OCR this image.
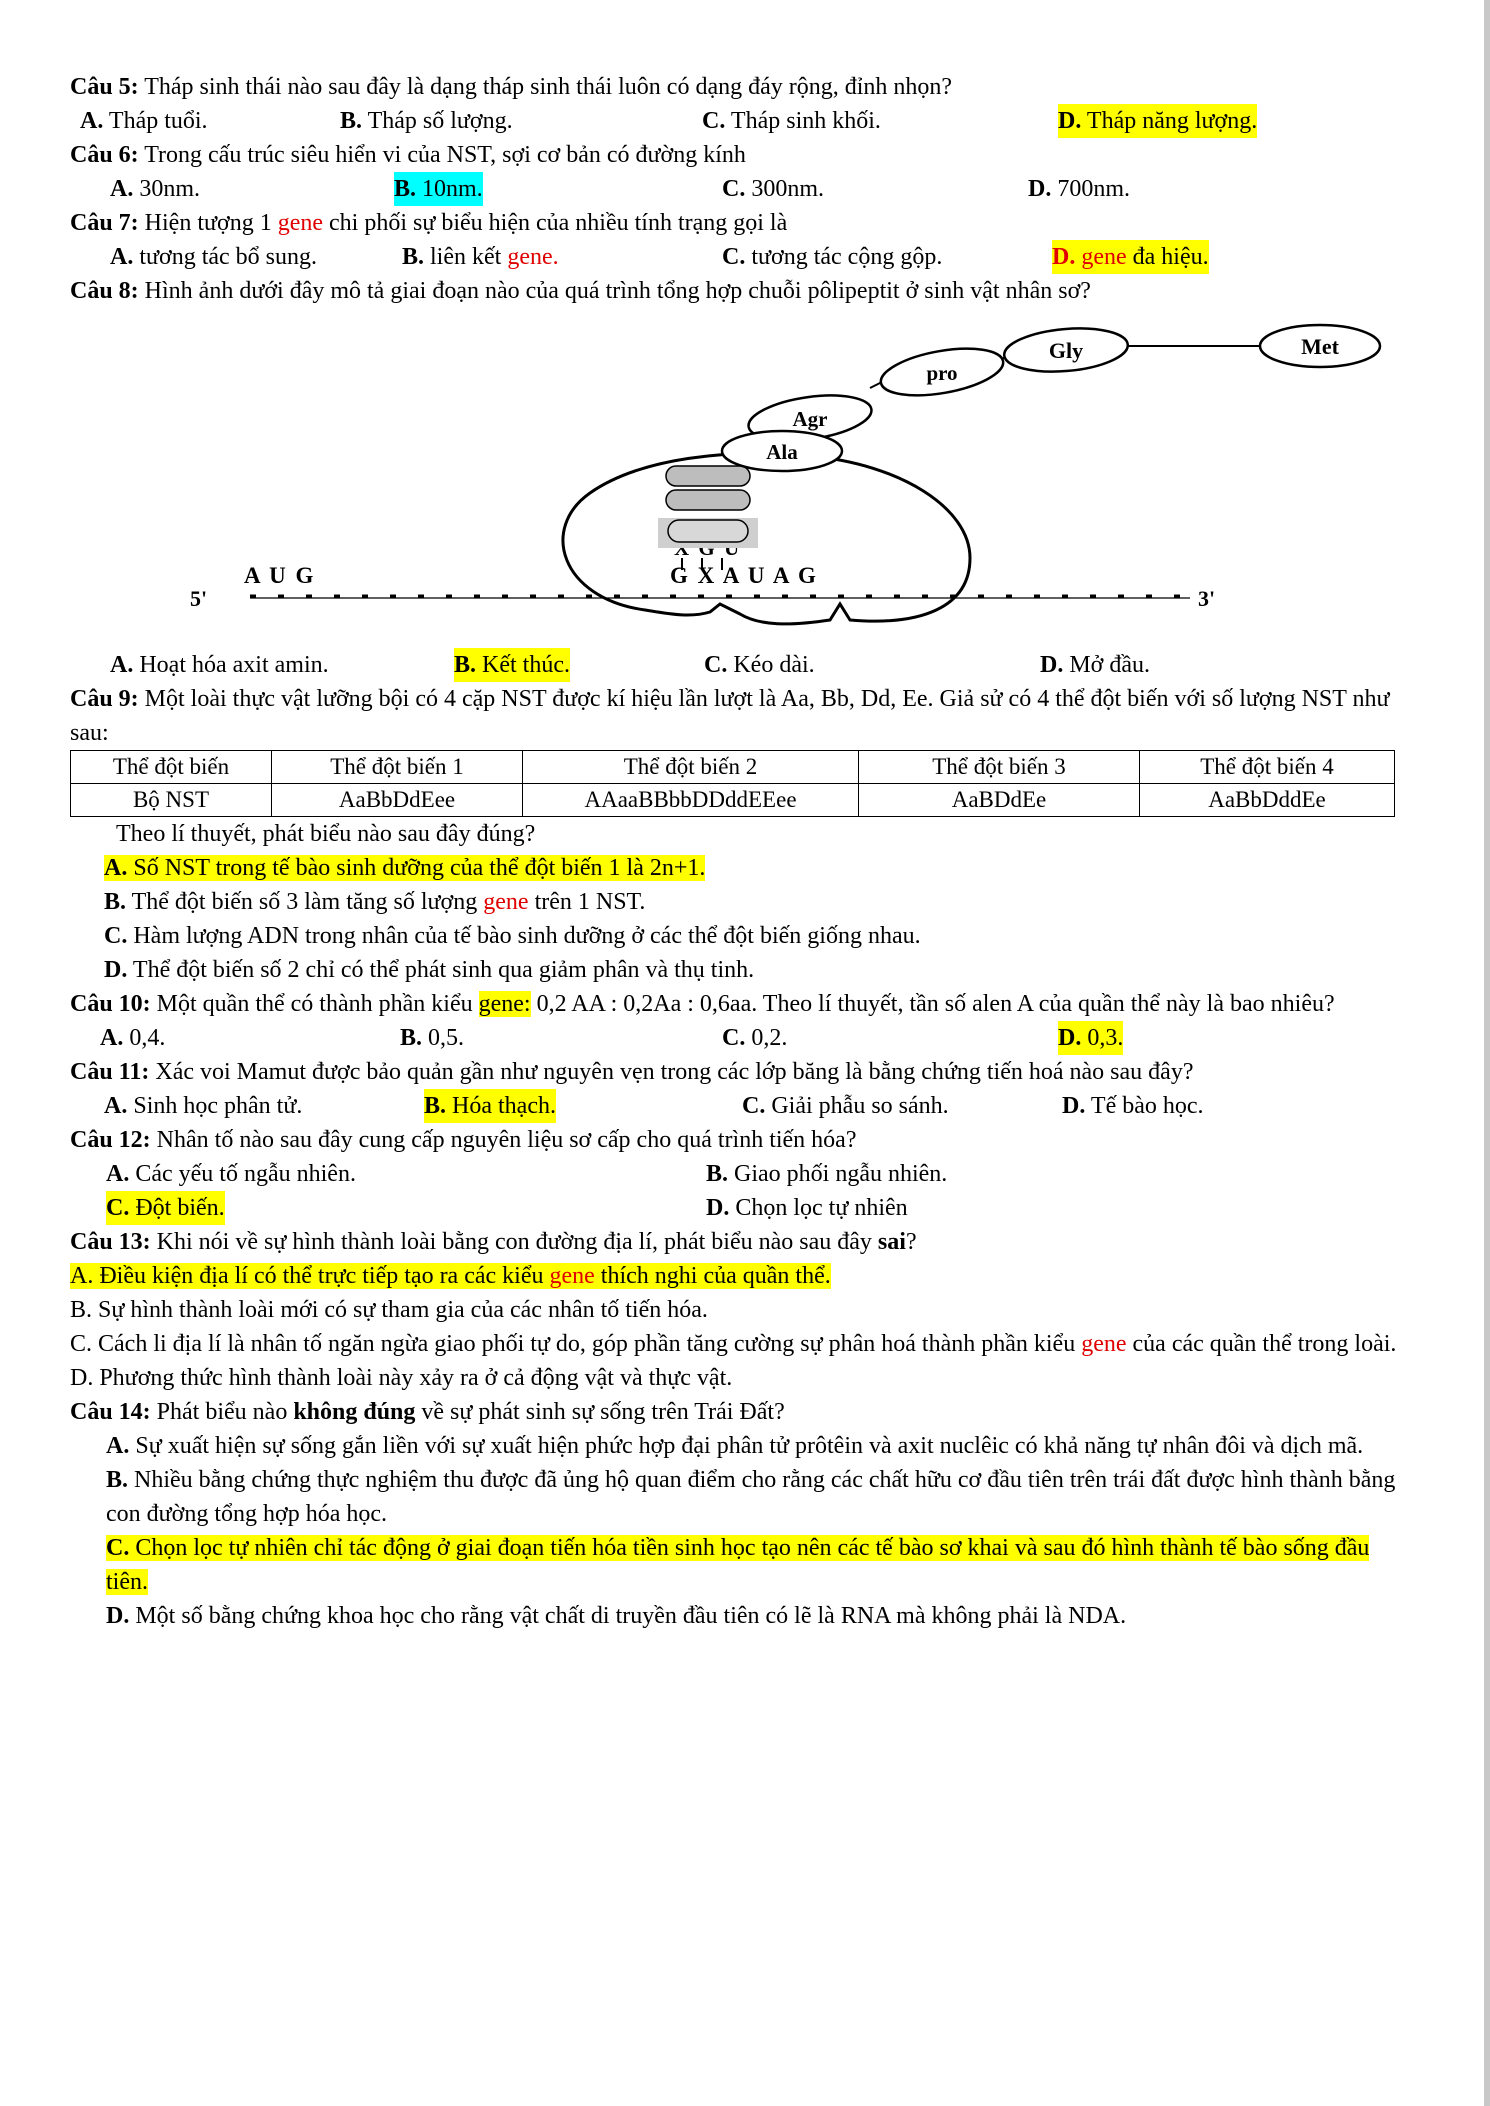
Câu 5: Tháp sinh thái nào sau đây là dạng tháp sinh thái luôn có dạng đáy rộng, đỉnh nhọn?
A. Tháp tuổi.	B. Tháp số lượng.	C. Tháp sinh khối.	D. Tháp năng lượng.
Câu 6: Trong cấu trúc siêu hiển vi của NST, sợi cơ bản có đường kính
A. 30nm.	B. 10nm.	C. 300nm.	D. 700nm.
Câu 7: Hiện tượng 1 gene chi phối sự biểu hiện của nhiều tính trạng gọi là
A. tương tác bổ sung.	B. liên kết gene.	C. tương tác cộng gộp.	D. gene đa hiệu.
Câu 8: Hình ảnh dưới đây mô tả giai đoạn nào của quá trình tổng hợp chuỗi pôlipeptit ở sinh vật nhân sơ?
5'	3'
A U G	G X A U A G
Met
Gly
pro
Agr
Ala
A. Hoạt hóa axit amin.	B. Kết thúc.	C. Kéo dài.	D. Mở đầu.
Câu 9: Một loài thực vật lưỡng bội có 4 cặp NST được kí hiệu lần lượt là Aa, Bb, Dd, Ee. Giả sử có 4 thể đột biến với số lượng NST như sau:
Thể đột biến	Thể đột biến 1	Thể đột biến 2	Thể đột biến 3	Thể đột biến 4
Bộ NST	AaBbDdEee	AAaaBBbbDDddEEee	AaBDdEe	AaBbDddEe
Theo lí thuyết, phát biểu nào sau đây đúng?
A. Số NST trong tế bào sinh dưỡng của thể đột biến 1 là 2n+1.
B. Thể đột biến số 3 làm tăng số lượng gene trên 1 NST.
C. Hàm lượng ADN trong nhân của tế bào sinh dưỡng ở các thể đột biến giống nhau.
D. Thể đột biến số 2 chỉ có thể phát sinh qua giảm phân và thụ tinh.
Câu 10: Một quần thể có thành phần kiểu gene: 0,2 AA : 0,2Aa : 0,6aa. Theo lí thuyết, tần số alen A của quần thể này là bao nhiêu?
A. 0,4.	B. 0,5.	C. 0,2.	D. 0,3.
Câu 11: Xác voi Mamut được bảo quản gần như nguyên vẹn trong các lớp băng là bằng chứng tiến hoá nào sau đây?
A. Sinh học phân tử.	B. Hóa thạch.	C. Giải phẫu so sánh.	D. Tế bào học.
Câu 12: Nhân tố nào sau đây cung cấp nguyên liệu sơ cấp cho quá trình tiến hóa?
A. Các yếu tố ngẫu nhiên.	B. Giao phối ngẫu nhiên.
C. Đột biến.	D. Chọn lọc tự nhiên
Câu 13: Khi nói về sự hình thành loài bằng con đường địa lí, phát biểu nào sau đây sai?
A. Điều kiện địa lí có thể trực tiếp tạo ra các kiểu gene thích nghi của quần thể.
B. Sự hình thành loài mới có sự tham gia của các nhân tố tiến hóa.
C. Cách li địa lí là nhân tố ngăn ngừa giao phối tự do, góp phần tăng cường sự phân hoá thành phần kiểu gene của các quần thể trong loài.
D. Phương thức hình thành loài này xảy ra ở cả động vật và thực vật.
Câu 14: Phát biểu nào không đúng về sự phát sinh sự sống trên Trái Đất?
A. Sự xuất hiện sự sống gắn liền với sự xuất hiện phức hợp đại phân tử prôtêin và axit nuclêic có khả năng tự nhân đôi và dịch mã.
B. Nhiều bằng chứng thực nghiệm thu được đã ủng hộ quan điểm cho rằng các chất hữu cơ đầu tiên trên trái đất được hình thành bằng con đường tổng hợp hóa học.
C. Chọn lọc tự nhiên chỉ tác động ở giai đoạn tiến hóa tiền sinh học tạo nên các tế bào sơ khai và sau đó hình thành tế bào sống đầu tiên.
D. Một số bằng chứng khoa học cho rằng vật chất di truyền đầu tiên có lẽ là RNA mà không phải là NDA.
